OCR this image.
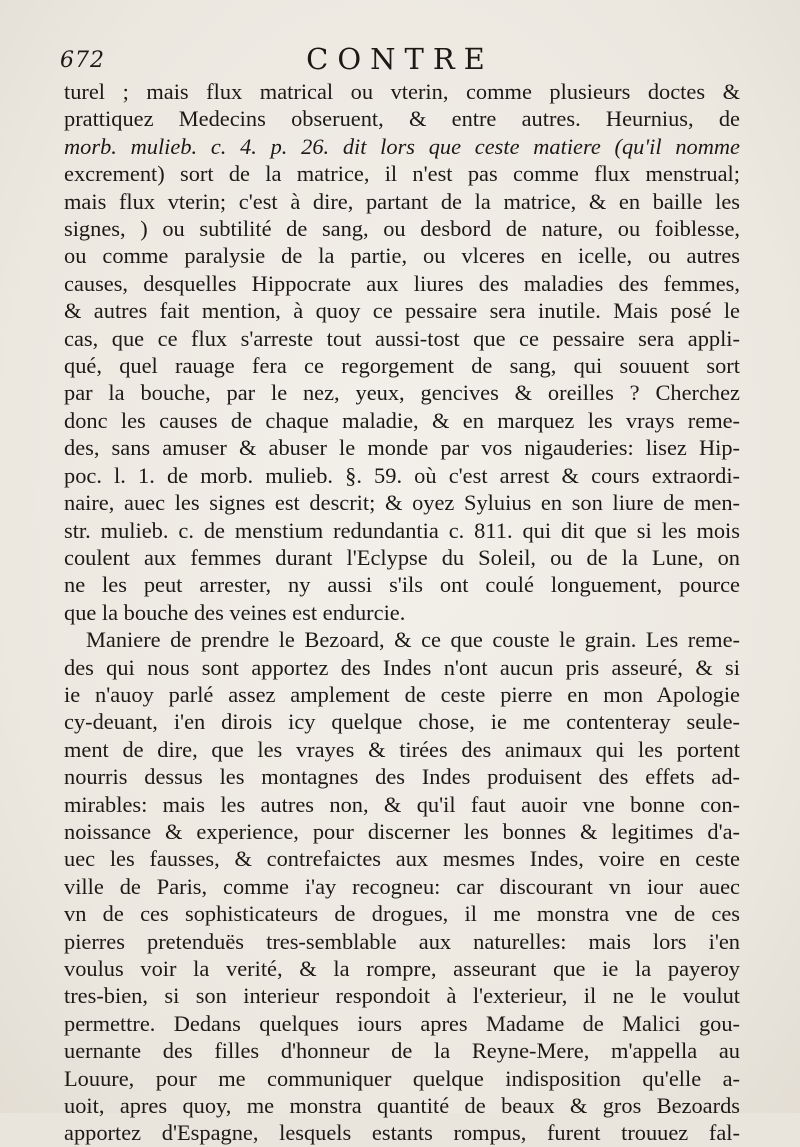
672	CONTRE
turel ; mais flux matrical ou vterin, comme plusieurs doctes &
prattiquez Medecins obseruent, & entre autres. Heurnius, de
morb. mulieb. c. 4. p. 26. dit lors que ceste matiere (qu'il nomme
excrement) sort de la matrice, il n'est pas comme flux menstrual;
mais flux vterin; c'est à dire, partant de la matrice, & en baille les
signes, ) ou subtilité de sang, ou desbord de nature, ou foiblesse,
ou comme paralysie de la partie, ou vlceres en icelle, ou autres
causes, desquelles Hippocrate aux liures des maladies des femmes,
& autres fait mention, à quoy ce pessaire sera inutile. Mais posé le
cas, que ce flux s'arreste tout aussi-tost que ce pessaire sera appli-
qué, quel rauage fera ce regorgement de sang, qui souuent sort
par la bouche, par le nez, yeux, gencives & oreilles ? Cherchez
donc les causes de chaque maladie, & en marquez les vrays reme-
des, sans amuser & abuser le monde par vos nigauderies: lisez Hip-
poc. l. 1. de morb. mulieb. §. 59. où c'est arrest & cours extraordi-
naire, auec les signes est descrit; & oyez Syluius en son liure de men-
str. mulieb. c. de menstium redundantia c. 811. qui dit que si les mois
coulent aux femmes durant l'Eclypse du Soleil, ou de la Lune, on
ne les peut arrester, ny aussi s'ils ont coulé longuement, pource
que la bouche des veines est endurcie.
Maniere de prendre le Bezoard, & ce que couste le grain. Les reme-
des qui nous sont apportez des Indes n'ont aucun pris asseuré, & si
ie n'auoy parlé assez amplement de ceste pierre en mon Apologie
cy-deuant, i'en dirois icy quelque chose, ie me contenteray seule-
ment de dire, que les vrayes & tirées des animaux qui les portent
nourris dessus les montagnes des Indes produisent des effets ad-
mirables: mais les autres non, & qu'il faut auoir vne bonne con-
noissance & experience, pour discerner les bonnes & legitimes d'a-
uec les fausses, & contrefaictes aux mesmes Indes, voire en ceste
ville de Paris, comme i'ay recogneu: car discourant vn iour auec
vn de ces sophisticateurs de drogues, il me monstra vne de ces
pierres pretenduës tres-semblable aux naturelles: mais lors i'en
voulus voir la verité, & la rompre, asseurant que ie la payeroy
tres-bien, si son interieur respondoit à l'exterieur, il ne le voulut
permettre. Dedans quelques iours apres Madame de Malici gou-
uernante des filles d'honneur de la Reyne-Mere, m'appella au
Louure, pour me communiquer quelque indisposition qu'elle a-
uoit, apres quoy, me monstra quantité de beaux & gros Bezoards
apportez d'Espagne, lesquels estants rompus, furent trouuez fal-
